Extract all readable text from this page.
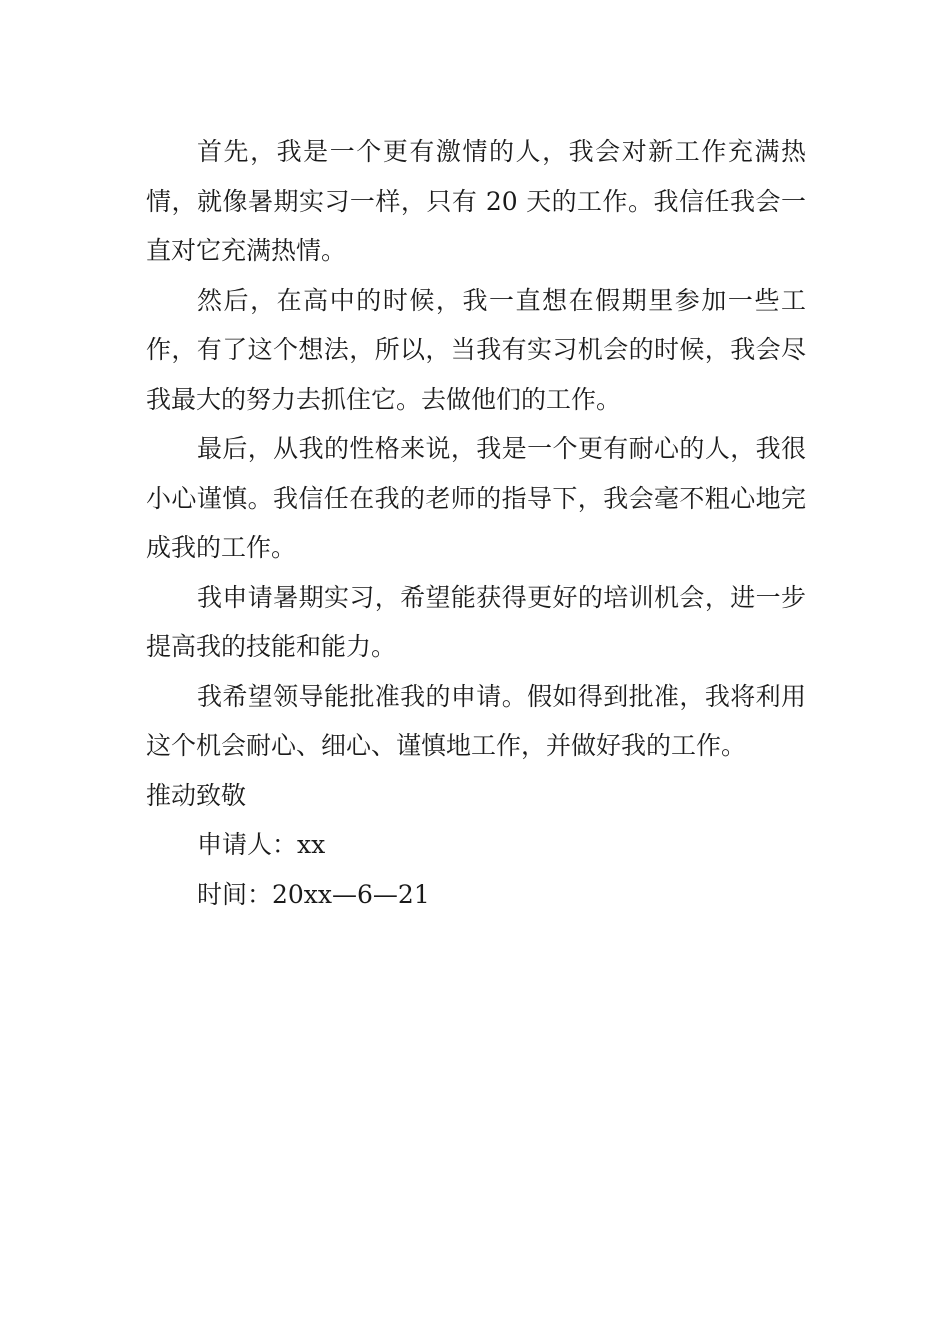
首先，我是一个更有激情的人，我会对新工作充满热情，就像暑期实习一样，只有 20 天的工作。我信任我会一直对它充满热情。

然后，在高中的时候，我一直想在假期里参加一些工作，有了这个想法，所以，当我有实习机会的时候，我会尽我最大的努力去抓住它。去做他们的工作。

最后，从我的性格来说，我是一个更有耐心的人，我很小心谨慎。我信任在我的老师的指导下，我会毫不粗心地完成我的工作。

我申请暑期实习，希望能获得更好的培训机会，进一步提高我的技能和能力。

我希望领导能批准我的申请。假如得到批准，我将利用这个机会耐心、细心、谨慎地工作，并做好我的工作。

推动致敬

申请人：xx

时间：20xx—6—21
